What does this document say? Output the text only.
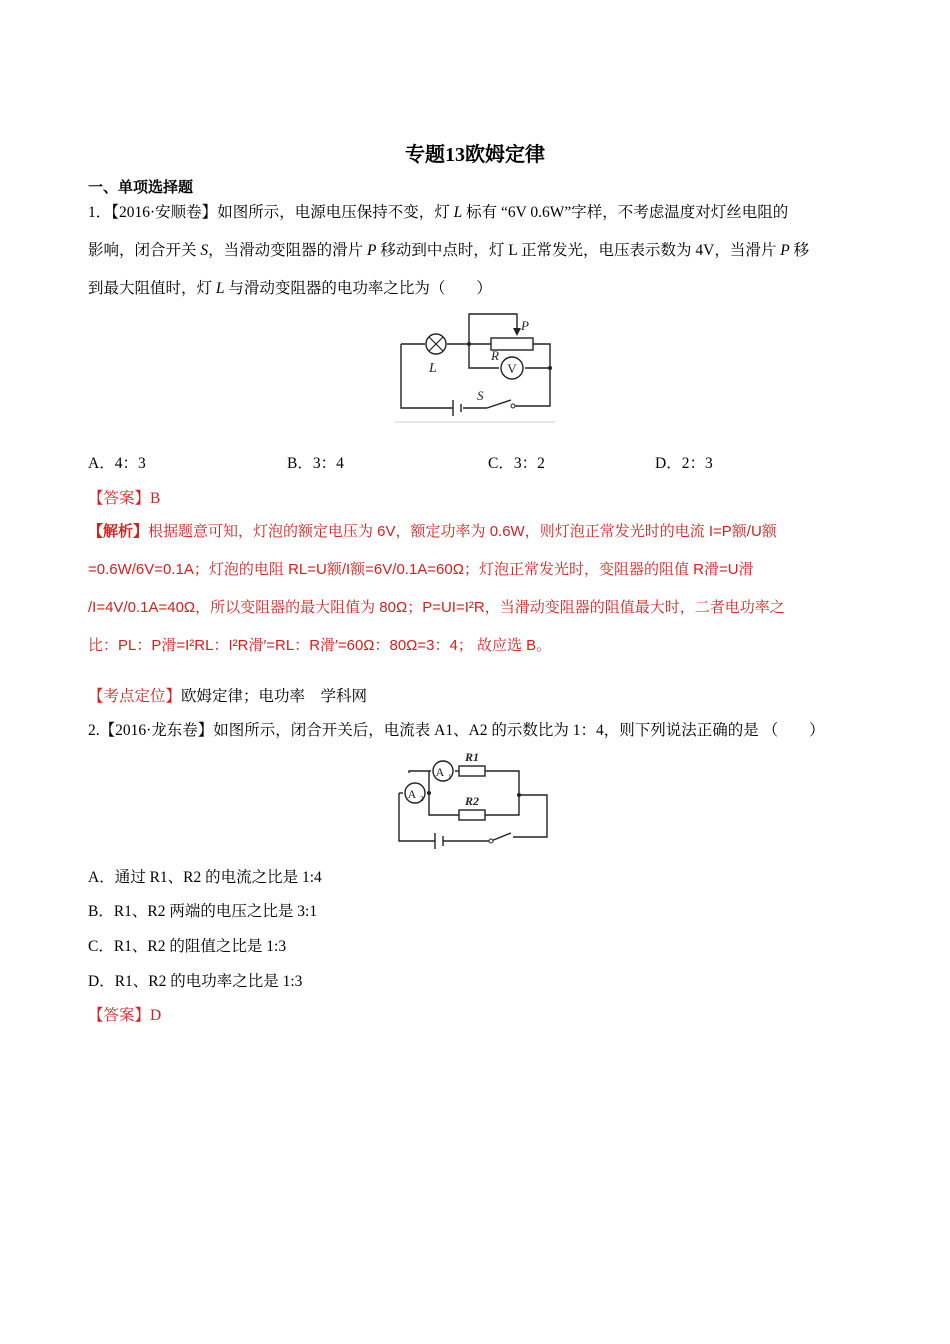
专题13欧姆定律
一、单项选择题
1．【2016·安顺卷】如图所示，电源电压保持不变，灯 L 标有 “6V 0.6W”字样，不考虑温度对灯丝电阻的
影响，闭合开关 S，当滑动变阻器的滑片 P 移动到中点时，灯 L 正常发光，电压表示数为 4V，当滑片 P 移
到最大阻值时，灯 L 与滑动变阻器的电功率之比为（　　）
V
L
R
P
S
A．4：3	B．3：4	C．3：2	D．2：3
【答案】B
【解析】根据题意可知，灯泡的额定电压为 6V，额定功率为 0.6W，则灯泡正常发光时的电流 I=P额/U额
=0.6W/6V=0.1A；灯泡的电阻 RL=U额/I额=6V/0.1A=60Ω；灯泡正常发光时，变阻器的阻值 R滑=U滑
/I=4V/0.1A=40Ω，所以变阻器的最大阻值为 80Ω；P=UI=I²R，当滑动变阻器的阻值最大时，二者电功率之
比：PL：P滑=I²RL：I²R滑′=RL：R滑′=60Ω：80Ω=3：4； 故应选 B。
【考点定位】欧姆定律；电功率　学科网
2.【2016·龙东卷】如图所示，闭合开关后，电流表 A1、A2 的示数比为 1：4，则下列说法正确的是 （　　）
A 2
A 1
R1
R2
A．通过 R1、R2 的电流之比是 1:4
B．R1、R2 两端的电压之比是 3:1
C．R1、R2 的阻值之比是 1:3
D．R1、R2 的电功率之比是 1:3
【答案】D
